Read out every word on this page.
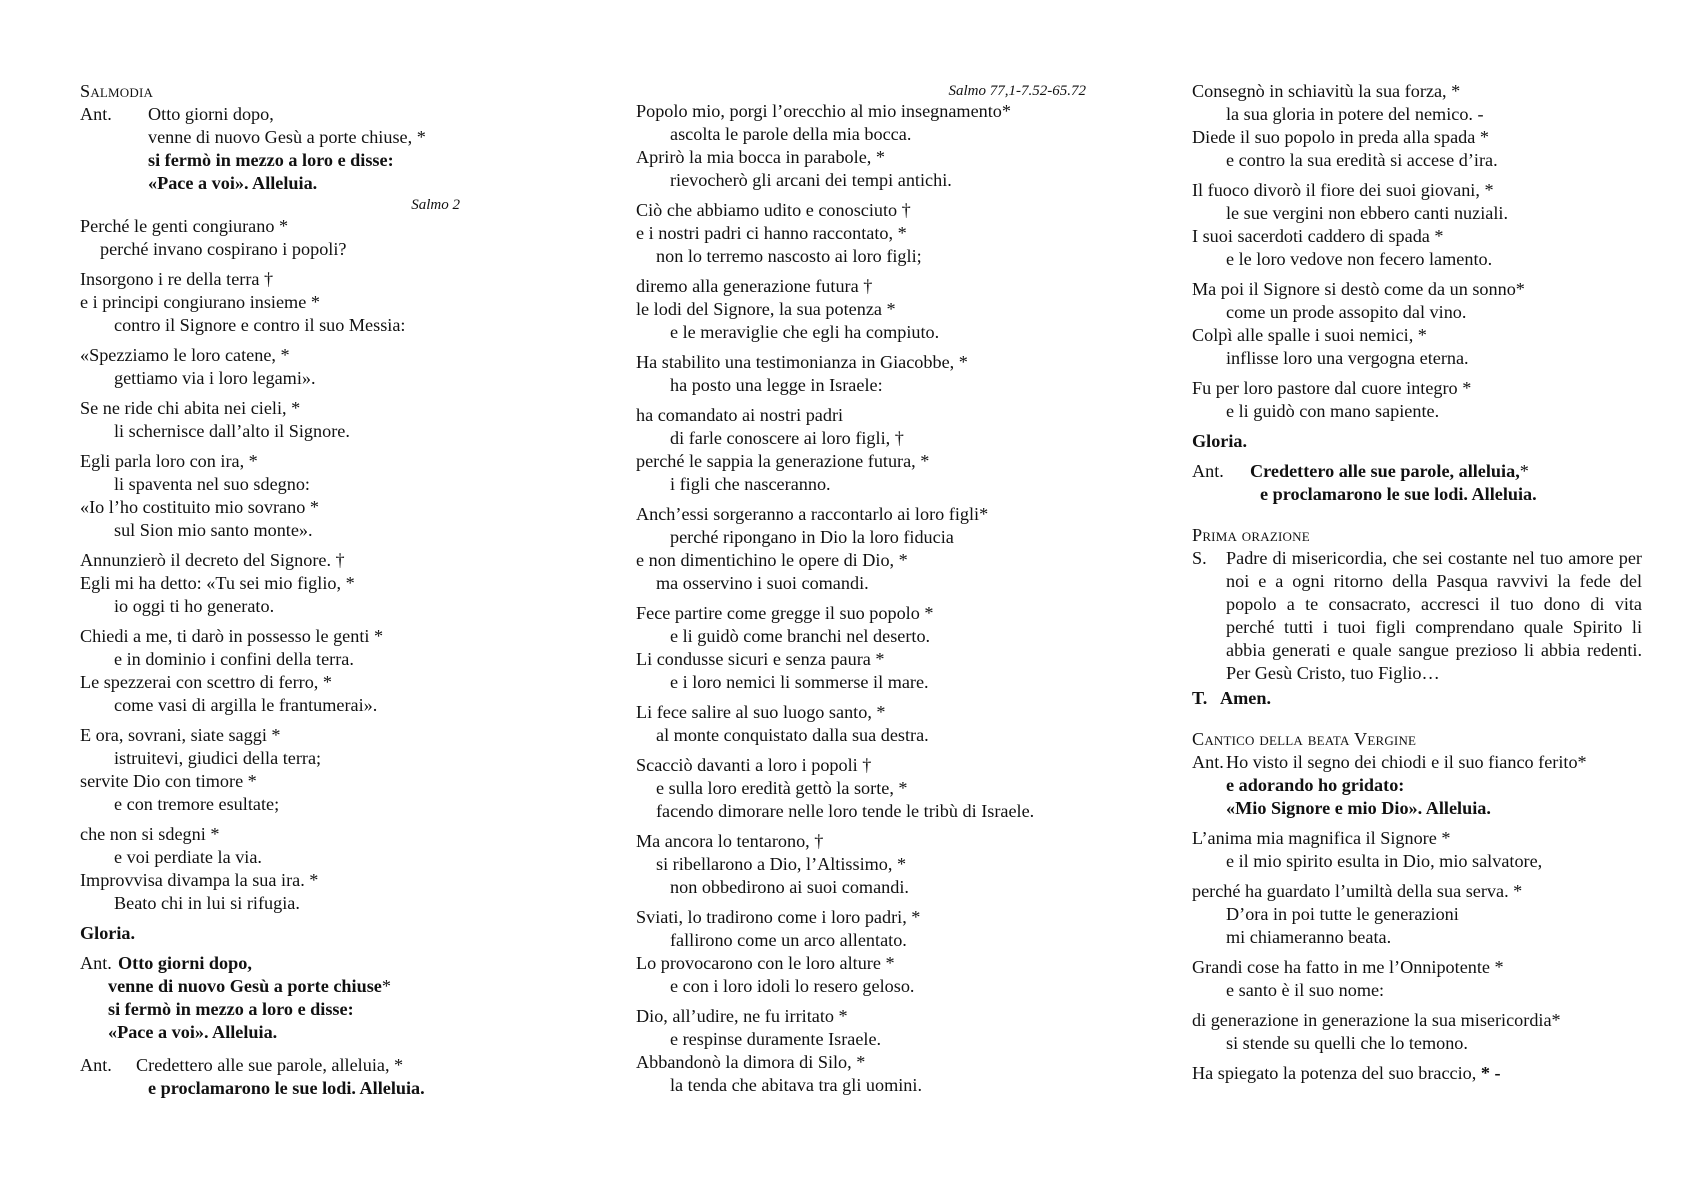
Salmodia
Ant. Otto giorni dopo,
venne di nuovo Gesù a porte chiuse, *
si fermò in mezzo a loro e disse:
«Pace a voi». Alleluia.
Salmo 2
Perché le genti congiurano *
perché invano cospirano i popoli?
Insorgono i re della terra †
e i principi congiurano insieme *
contro il Signore e contro il suo Messia:
«Spezziamo le loro catene, *
gettiamo via i loro legami».
Se ne ride chi abita nei cieli, *
li schernisce dall’alto il Signore.
Egli parla loro con ira, *
li spaventa nel suo sdegno:
«Io l’ho costituito mio sovrano *
sul Sion mio santo monte».
Annunzierò il decreto del Signore. †
Egli mi ha detto: «Tu sei mio figlio, *
io oggi ti ho generato.
Chiedi a me, ti darò in possesso le genti *
e in dominio i confini della terra.
Le spezzerai con scettro di ferro, *
come vasi di argilla le frantumerai».
E ora, sovrani, siate saggi *
istruitevi, giudici della terra;
servite Dio con timore *
e con tremore esultate;
che non si sdegni *
e voi perdiate la via.
Improvvisa divampa la sua ira. *
Beato chi in lui si rifugia.
Gloria.
Ant. Otto giorni dopo,
venne di nuovo Gesù a porte chiuse*
si fermò in mezzo a loro e disse:
«Pace a voi». Alleluia.
Ant. Credettero alle sue parole, alleluia, *
e proclamarono le sue lodi. Alleluia.
Salmo 77,1-7.52-65.72
Popolo mio, porgi l’orecchio al mio insegnamento*
ascolta le parole della mia bocca.
Aprirò la mia bocca in parabole, *
rievocherò gli arcani dei tempi antichi.
Ciò che abbiamo udito e conosciuto †
e i nostri padri ci hanno raccontato, *
non lo terremo nascosto ai loro figli;
diremo alla generazione futura †
le lodi del Signore, la sua potenza *
e le meraviglie che egli ha compiuto.
Ha stabilito una testimonianza in Giacobbe, *
ha posto una legge in Israele:
ha comandato ai nostri padri
di farle conoscere ai loro figli, †
perché le sappia la generazione futura, *
i figli che nasceranno.
Anch’essi sorgeranno a raccontarlo ai loro figli*
perché ripongano in Dio la loro fiducia
e non dimentichino le opere di Dio, *
ma osservino i suoi comandi.
Fece partire come gregge il suo popolo *
e li guidò come branchi nel deserto.
Li condusse sicuri e senza paura *
e i loro nemici li sommerse il mare.
Li fece salire al suo luogo santo, *
al monte conquistato dalla sua destra.
Scacciò davanti a loro i popoli †
e sulla loro eredità gettò la sorte, *
facendo dimorare nelle loro tende le tribù di Israele.
Ma ancora lo tentarono, †
si ribellarono a Dio, l’Altissimo, *
non obbedirono ai suoi comandi.
Sviati, lo tradirono come i loro padri, *
fallirono come un arco allentato.
Lo provocarono con le loro alture *
e con i loro idoli lo resero geloso.
Dio, all’udire, ne fu irritato *
e respinse duramente Israele.
Abbandonò la dimora di Silo, *
la tenda che abitava tra gli uomini.
Consegnò in schiavitù la sua forza, *
la sua gloria in potere del nemico. -
Diede il suo popolo in preda alla spada *
e contro la sua eredità si accese d’ira.
Il fuoco divorò il fiore dei suoi giovani, *
le sue vergini non ebbero canti nuziali.
I suoi sacerdoti caddero di spada *
e le loro vedove non fecero lamento.
Ma poi il Signore si destò come da un sonno*
come un prode assopito dal vino.
Colpì alle spalle i suoi nemici, *
inflisse loro una vergogna eterna.
Fu per loro pastore dal cuore integro *
e li guidò con mano sapiente.
Gloria.
Ant. Credettero alle sue parole, alleluia,*
e proclamarono le sue lodi. Alleluia.
Prima orazione
S.	Padre di misericordia, che sei costante nel tuo amore per noi e a ogni ritorno della Pasqua ravvivi la fede del popolo a te consacrato, accresci il tuo dono di vita perché tutti i tuoi figli comprendano quale Spirito li abbia generati e quale sangue prezioso li abbia redenti. Per Gesù Cristo, tuo Figlio…
T. Amen.
Cantico della beata Vergine
Ant. Ho visto il segno dei chiodi e il suo fianco ferito*
e adorando ho gridato:
«Mio Signore e mio Dio». Alleluia.
L’anima mia magnifica il Signore *
e il mio spirito esulta in Dio, mio salvatore,
perché ha guardato l’umiltà della sua serva. *
D’ora in poi tutte le generazioni
mi chiameranno beata.
Grandi cose ha fatto in me l’Onnipotente *
e santo è il suo nome:
di generazione in generazione la sua misericordia*
si stende su quelli che lo temono.
Ha spiegato la potenza del suo braccio, * -
